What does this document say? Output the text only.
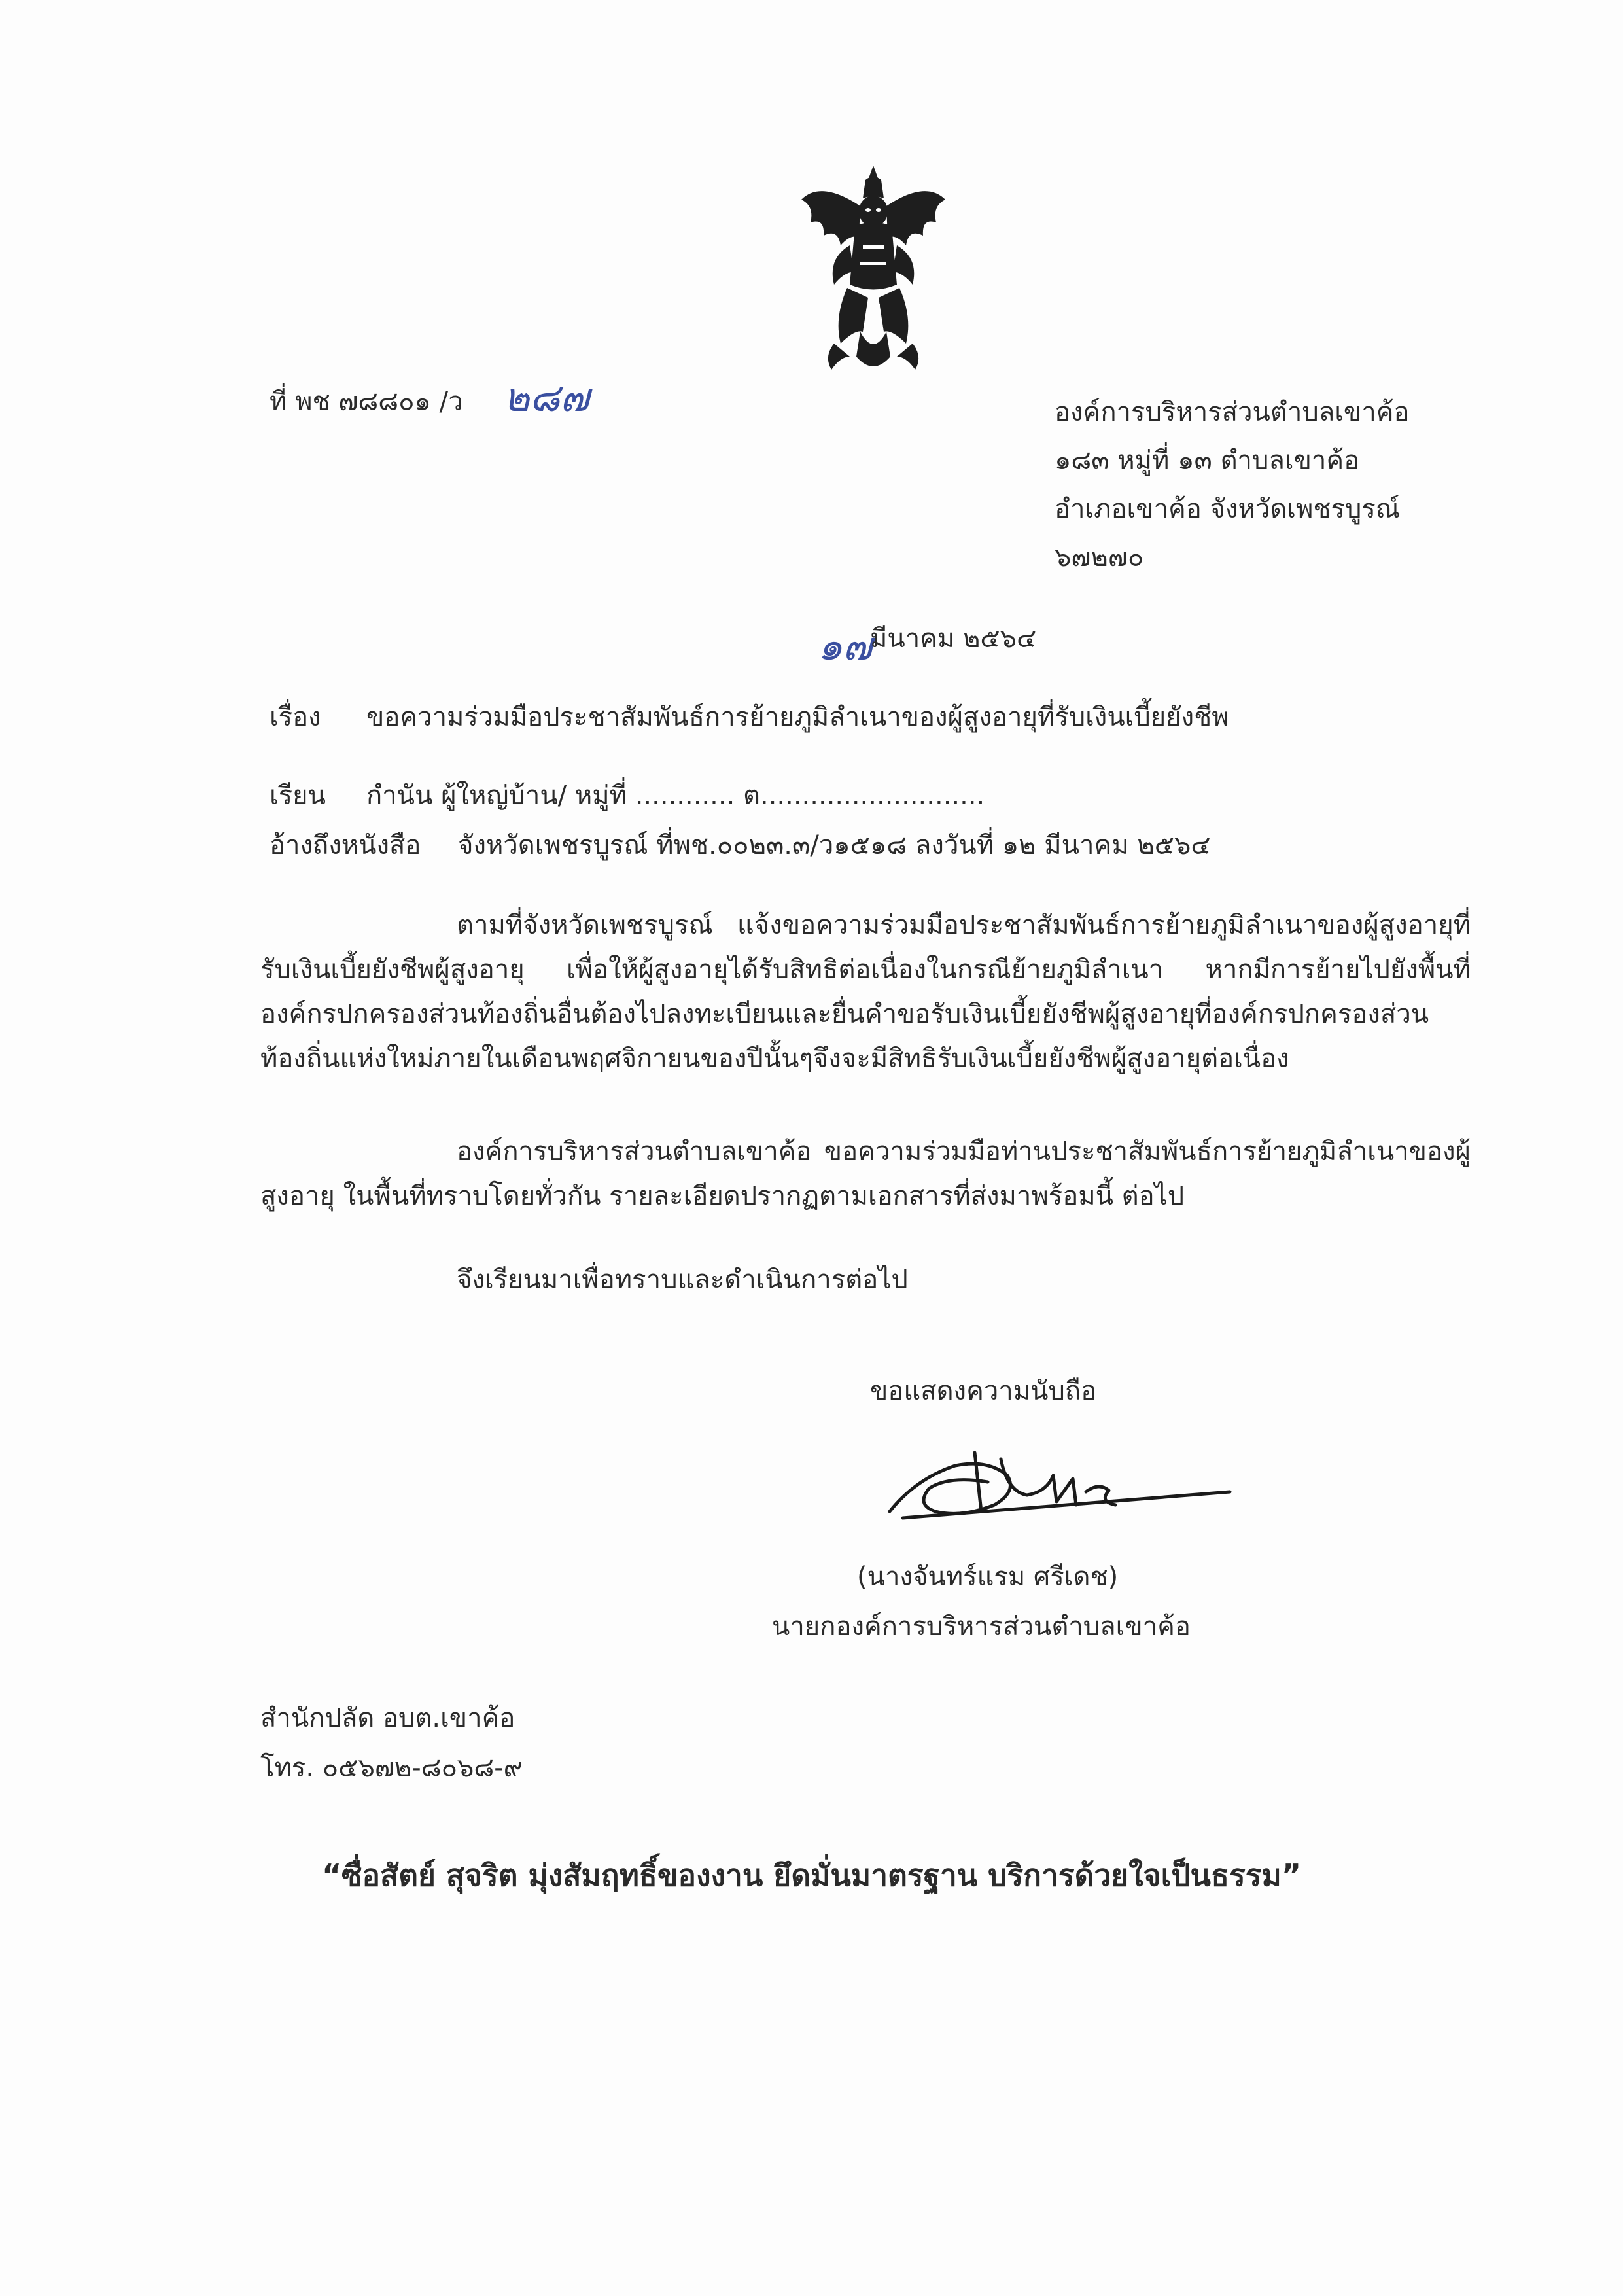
ที่ พช ๗๘๘๐๑ /ว ๒๘๗	องค์การบริหารส่วนตำบลเขาค้อ
๑๘๓ หมู่ที่ ๑๓ ตำบลเขาค้อ
อำเภอเขาค้อ จังหวัดเพชรบูรณ์
๖๗๒๗๐
๑๗
มีนาคม ๒๕๖๔
เรื่อง ขอความร่วมมือประชาสัมพันธ์การย้ายภูมิลำเนาของผู้สูงอายุที่รับเงินเบี้ยยังชีพ
เรียน กำนัน ผู้ใหญ่บ้าน/ หมู่ที่ ............ ต...........................
อ้างถึงหนังสือ จังหวัดเพชรบูรณ์ ที่พช.๐๐๒๓.๓/ว๑๕๑๘ ลงวันที่ ๑๒ มีนาคม ๒๕๖๔
ตามที่จังหวัดเพชรบูรณ์ แจ้งขอความร่วมมือประชาสัมพันธ์การย้ายภูมิลำเนาของผู้สูงอายุที่รับเงินเบี้ยยังชีพผู้สูงอายุ เพื่อให้ผู้สูงอายุได้รับสิทธิต่อเนื่องในกรณีย้ายภูมิลำเนา หากมีการย้ายไปยังพื้นที่องค์กรปกครองส่วนท้องถิ่นอื่นต้องไปลงทะเบียนและยื่นคำขอรับเงินเบี้ยยังชีพผู้สูงอายุที่องค์กรปกครองส่วนท้องถิ่นแห่งใหม่ภายในเดือนพฤศจิกายนของปีนั้นๆจึงจะมีสิทธิรับเงินเบี้ยยังชีพผู้สูงอายุต่อเนื่อง
องค์การบริหารส่วนตำบลเขาค้อ ขอความร่วมมือท่านประชาสัมพันธ์การย้ายภูมิลำเนาของผู้สูงอายุ ในพื้นที่ทราบโดยทั่วกัน รายละเอียดปรากฏตามเอกสารที่ส่งมาพร้อมนี้ ต่อไป
จึงเรียนมาเพื่อทราบและดำเนินการต่อไป
ขอแสดงความนับถือ
(นางจันทร์แรม ศรีเดช)
นายกองค์การบริหารส่วนตำบลเขาค้อ
สำนักปลัด อบต.เขาค้อ
โทร. ๐๕๖๗๒-๘๐๖๘-๙
“ซื่อสัตย์ สุจริต มุ่งสัมฤทธิ์ของงาน ยึดมั่นมาตรฐาน บริการด้วยใจเป็นธรรม”
